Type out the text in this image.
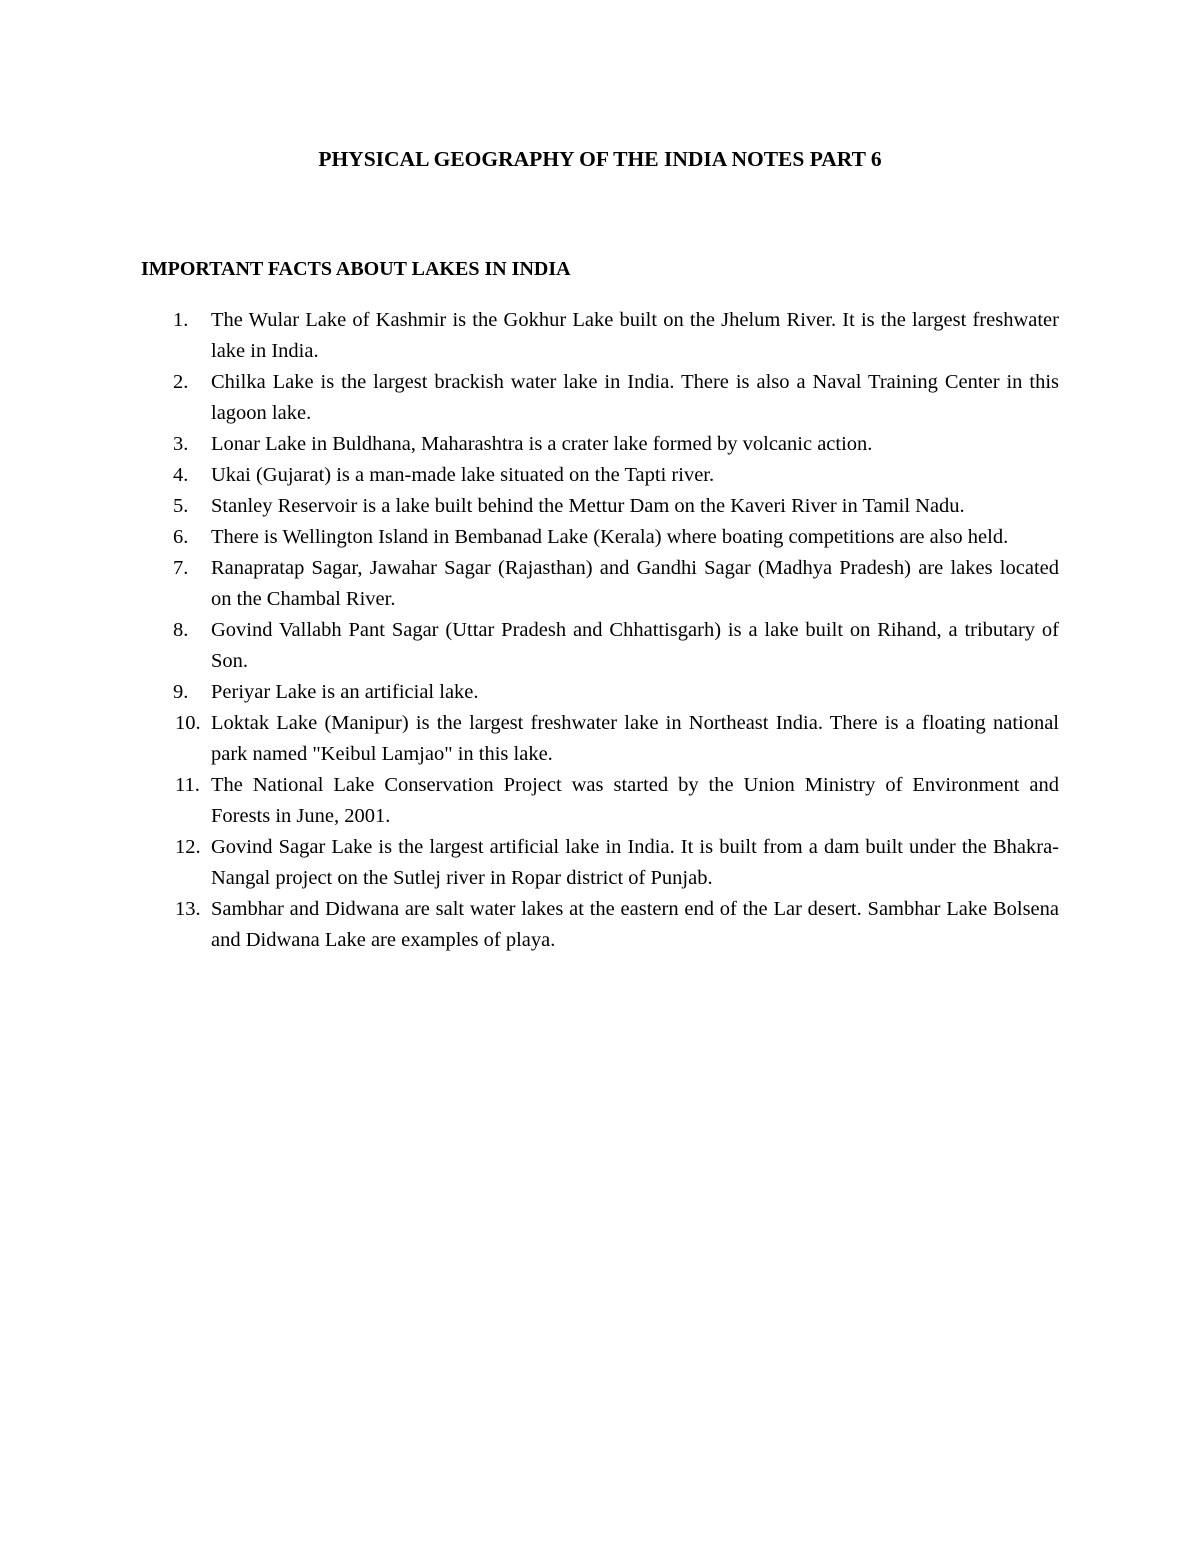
PHYSICAL GEOGRAPHY OF THE INDIA NOTES PART 6
IMPORTANT FACTS ABOUT LAKES IN INDIA
1. The Wular Lake of Kashmir is the Gokhur Lake built on the Jhelum River. It is the largest freshwater lake in India.
2. Chilka Lake is the largest brackish water lake in India. There is also a Naval Training Center in this lagoon lake.
3. Lonar Lake in Buldhana, Maharashtra is a crater lake formed by volcanic action.
4. Ukai (Gujarat) is a man-made lake situated on the Tapti river.
5. Stanley Reservoir is a lake built behind the Mettur Dam on the Kaveri River in Tamil Nadu.
6. There is Wellington Island in Bembanad Lake (Kerala) where boating competitions are also held.
7. Ranapratap Sagar, Jawahar Sagar (Rajasthan) and Gandhi Sagar (Madhya Pradesh) are lakes located on the Chambal River.
8. Govind Vallabh Pant Sagar (Uttar Pradesh and Chhattisgarh) is a lake built on Rihand, a tributary of Son.
9. Periyar Lake is an artificial lake.
10. Loktak Lake (Manipur) is the largest freshwater lake in Northeast India. There is a floating national park named "Keibul Lamjao" in this lake.
11. The National Lake Conservation Project was started by the Union Ministry of Environment and Forests in June, 2001.
12. Govind Sagar Lake is the largest artificial lake in India. It is built from a dam built under the Bhakra-Nangal project on the Sutlej river in Ropar district of Punjab.
13. Sambhar and Didwana are salt water lakes at the eastern end of the Lar desert. Sambhar Lake Bolsena and Didwana Lake are examples of playa.
